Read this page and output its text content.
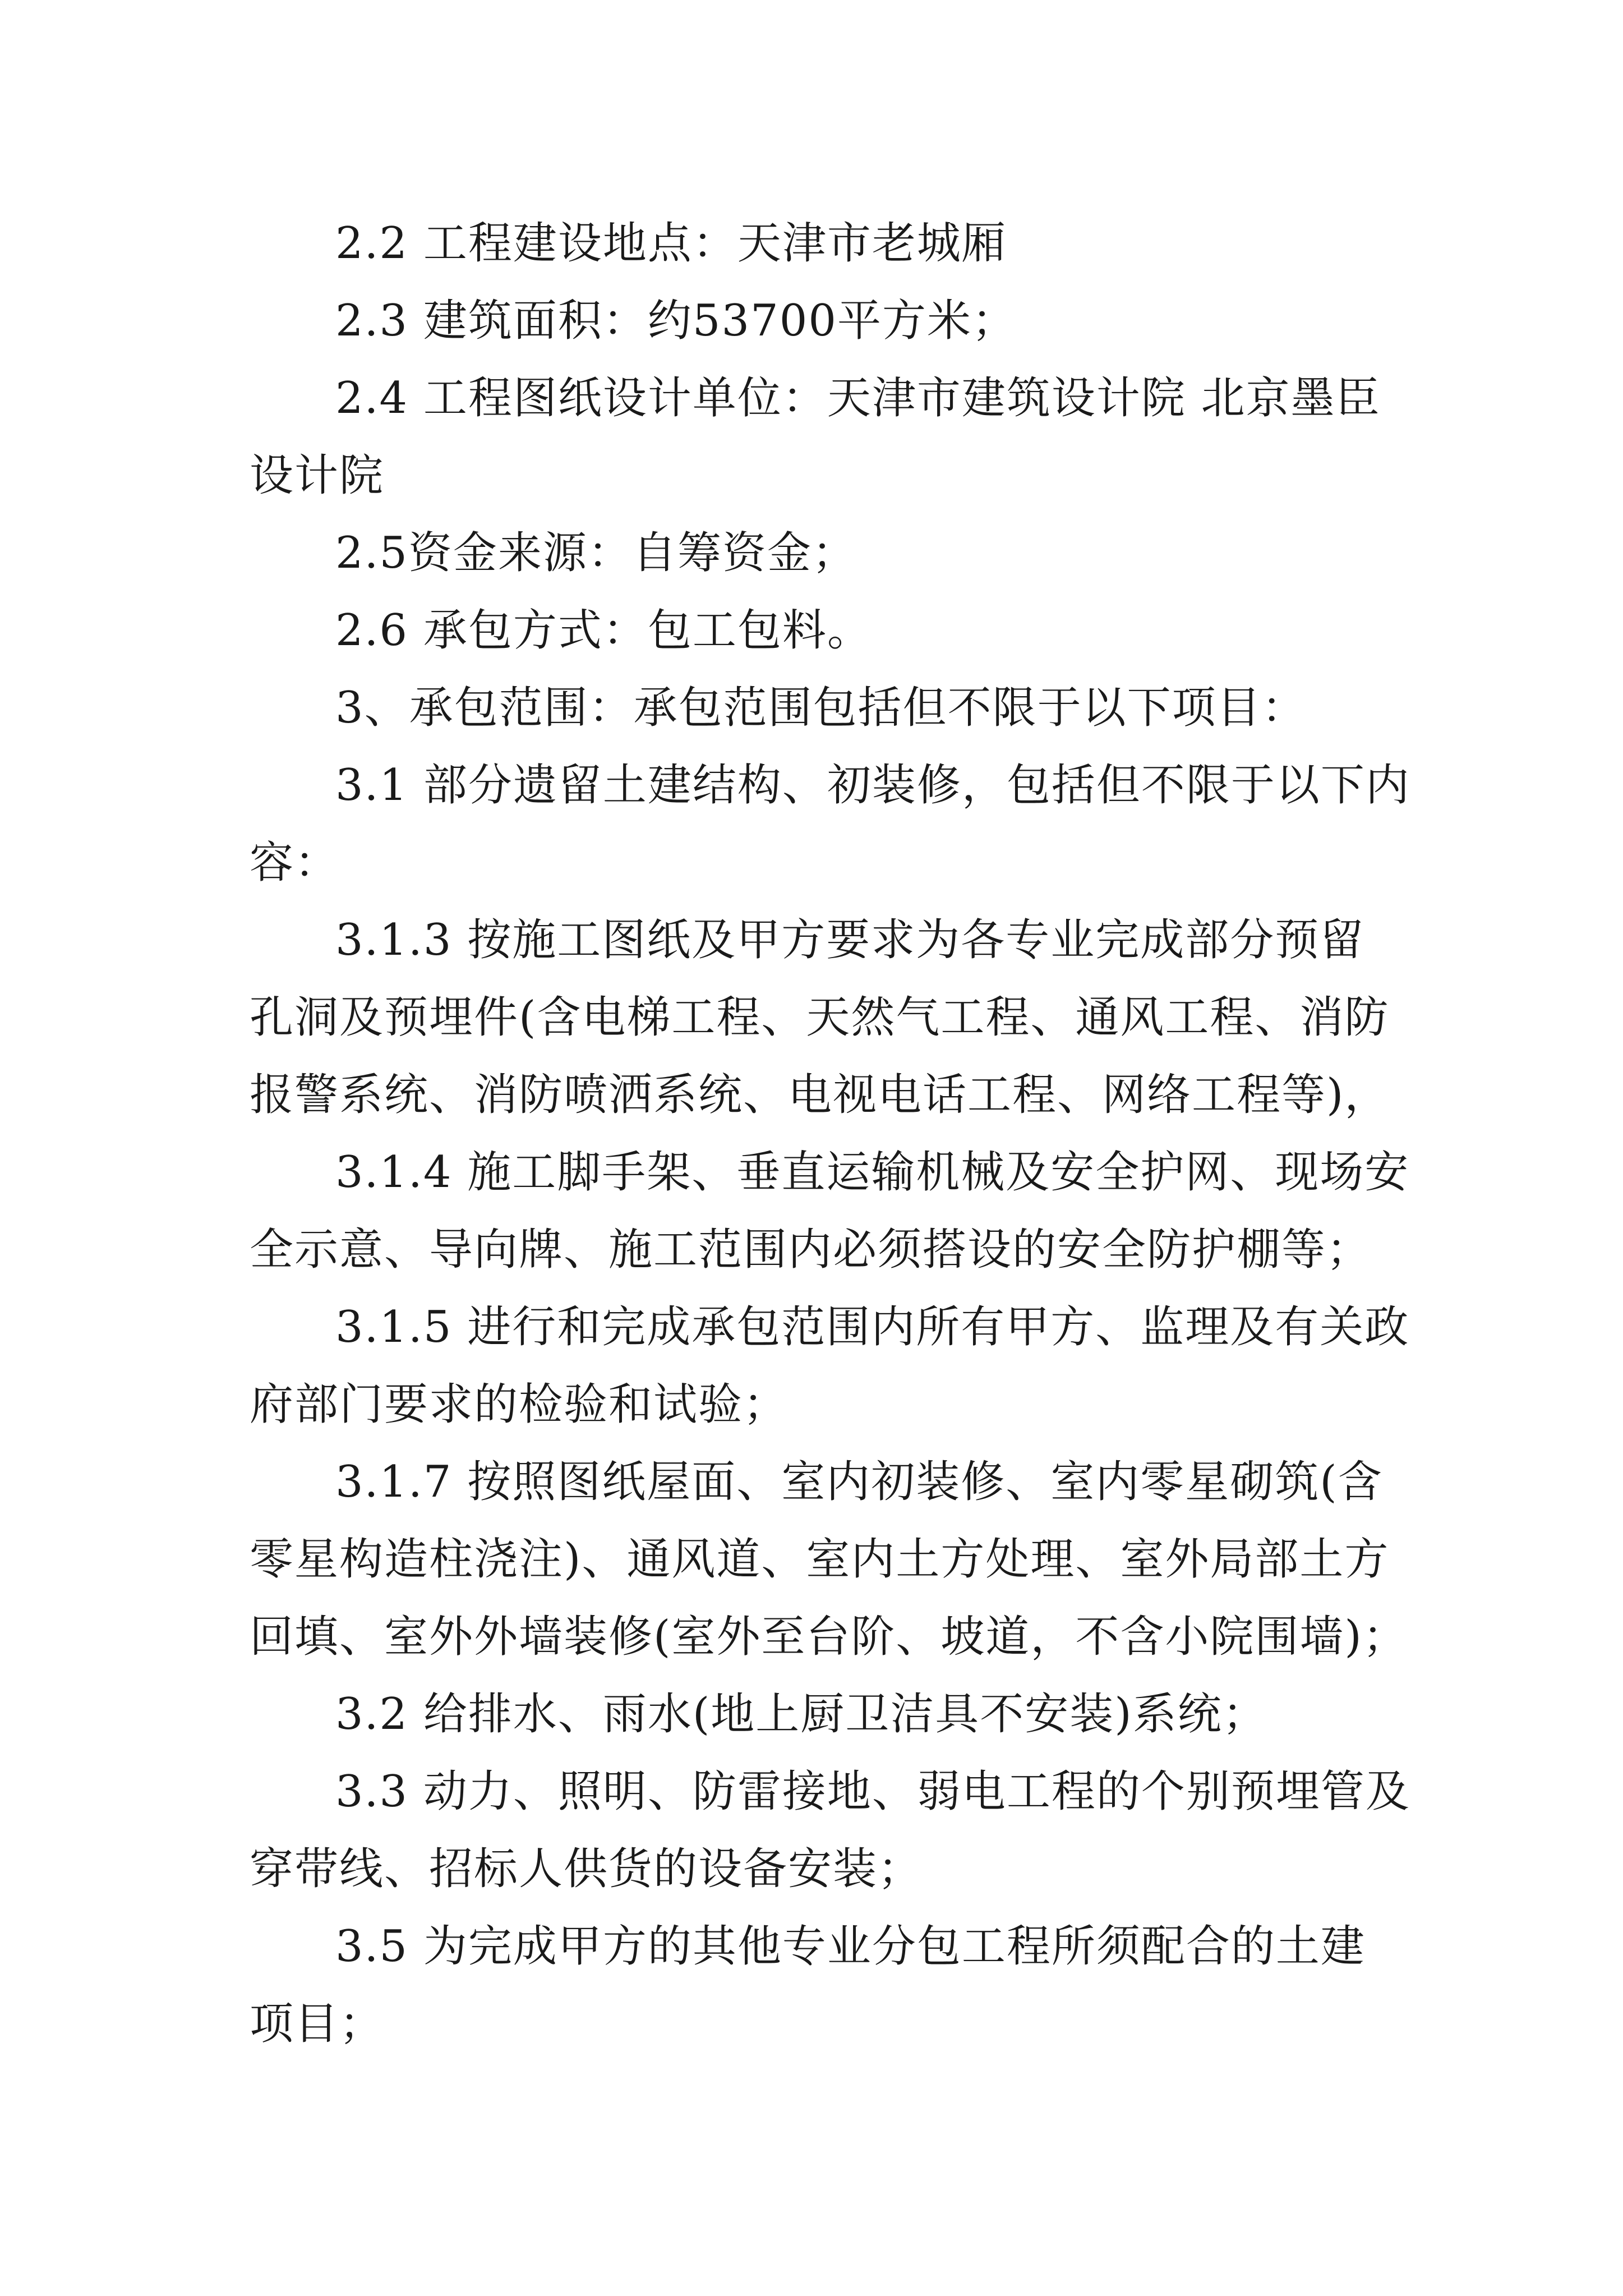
2.2 工程建设地点：天津市老城厢
2.3 建筑面积：约53700平方米；
2.4 工程图纸设计单位：天津市建筑设计院 北京墨臣
设计院
2.5资金来源：自筹资金；
2.6 承包方式：包工包料。
3、承包范围：承包范围包括但不限于以下项目：
3.1 部分遗留土建结构、初装修，包括但不限于以下内
容：
3.1.3 按施工图纸及甲方要求为各专业完成部分预留
孔洞及预埋件(含电梯工程、天然气工程、通风工程、消防
报警系统、消防喷洒系统、电视电话工程、网络工程等)，
3.1.4 施工脚手架、垂直运输机械及安全护网、现场安
全示意、导向牌、施工范围内必须搭设的安全防护棚等；
3.1.5 进行和完成承包范围内所有甲方、监理及有关政
府部门要求的检验和试验；
3.1.7 按照图纸屋面、室内初装修、室内零星砌筑(含
零星构造柱浇注)、通风道、室内土方处理、室外局部土方
回填、室外外墙装修(室外至台阶、坡道，不含小院围墙)；
3.2 给排水、雨水(地上厨卫洁具不安装)系统；
3.3 动力、照明、防雷接地、弱电工程的个别预埋管及
穿带线、招标人供货的设备安装；
3.5 为完成甲方的其他专业分包工程所须配合的土建
项目；
